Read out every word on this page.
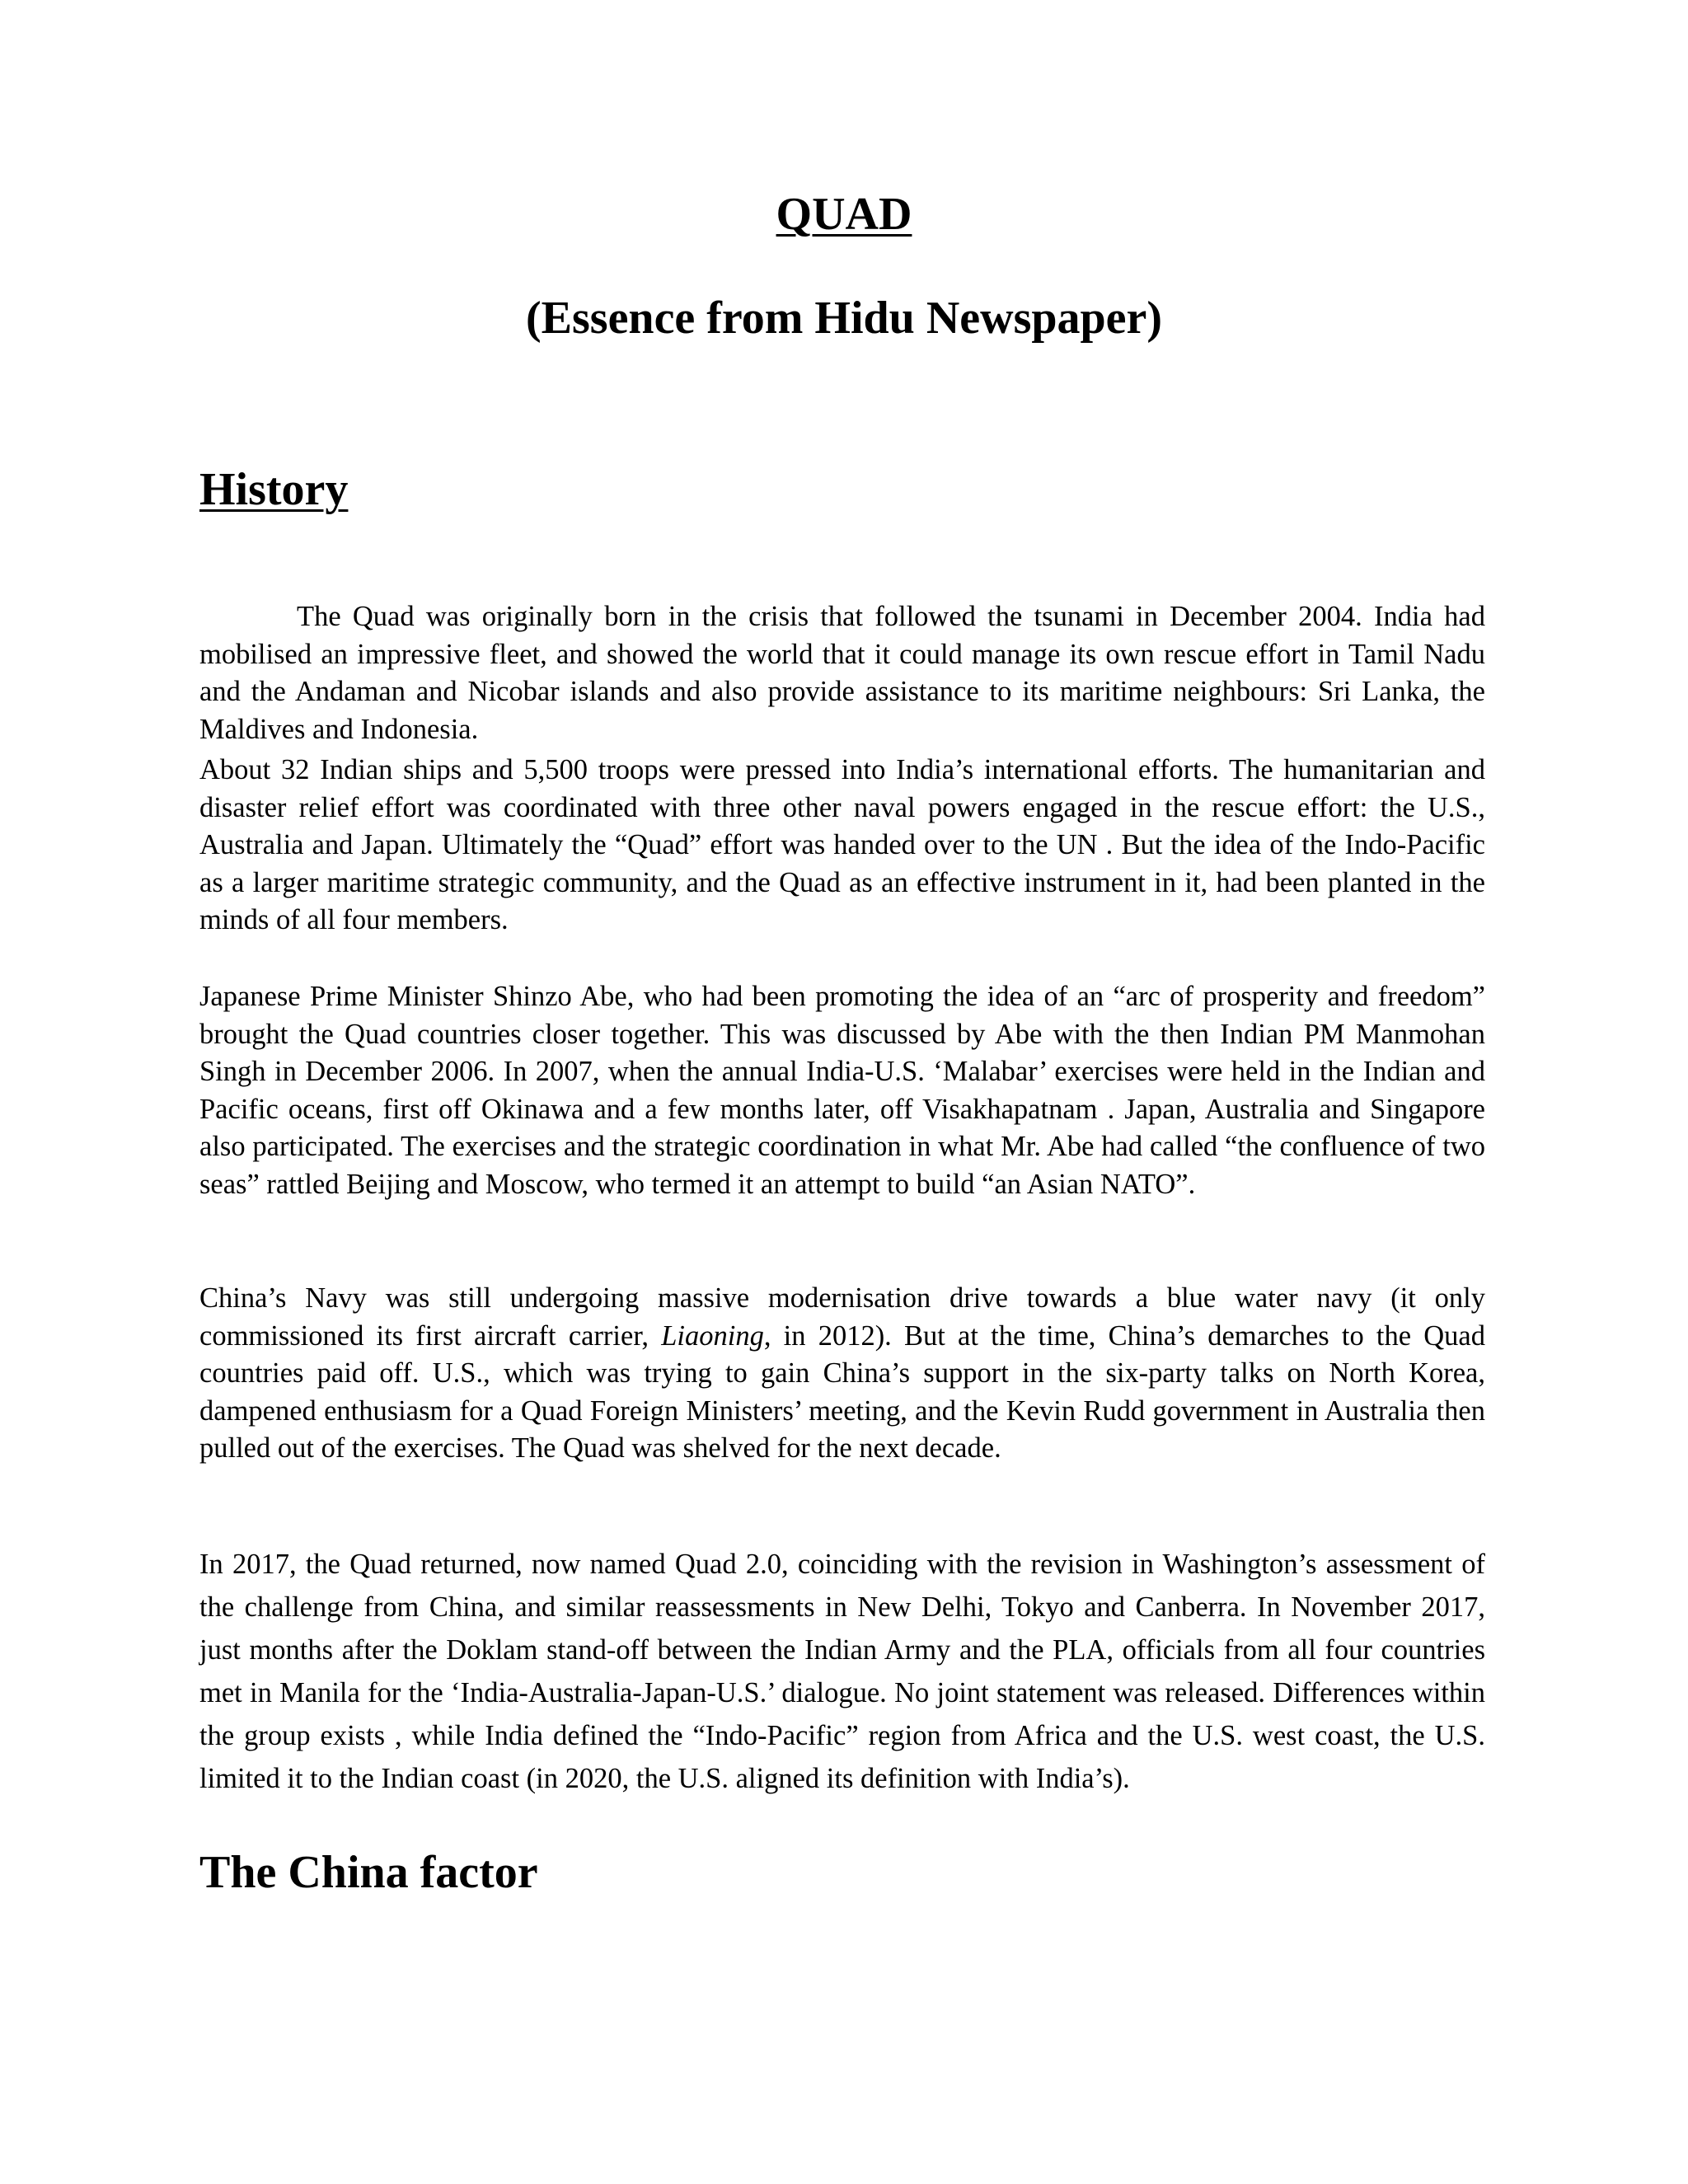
QUAD
(Essence from Hidu Newspaper)
History

The Quad was originally born in the crisis that followed the tsunami in December 2004. India had mobilised an impressive fleet, and showed the world that it could manage its own rescue effort in Tamil Nadu and the Andaman and Nicobar islands and also provide assistance to its maritime neighbours: Sri Lanka, the Maldives and Indonesia.

About 32 Indian ships and 5,500 troops were pressed into India’s international efforts. The humanitarian and disaster relief effort was coordinated with three other naval powers engaged in the rescue effort: the U.S., Australia and Japan. Ultimately the “Quad” effort was handed over to the UN . But the idea of the Indo-Pacific as a larger maritime strategic community, and the Quad as an effective instrument in it, had been planted in the minds of all four members.

Japanese Prime Minister Shinzo Abe, who had been promoting the idea of an “arc of prosperity and freedom” brought the Quad countries closer together. This was discussed by Abe with the then Indian PM Manmohan Singh in December 2006. In 2007, when the annual India-U.S. ‘Malabar’ exercises were held in the Indian and Pacific oceans, first off Okinawa and a few months later, off Visakhapatnam . Japan, Australia and Singapore also participated. The exercises and the strategic coordination in what Mr. Abe had called “the confluence of two seas” rattled Beijing and Moscow, who termed it an attempt to build “an Asian NATO”.

China’s Navy was still undergoing massive modernisation drive towards a blue water navy (it only commissioned its first aircraft carrier, Liaoning, in 2012). But at the time, China’s demarches to the Quad countries paid off. U.S., which was trying to gain China’s support in the six-party talks on North Korea, dampened enthusiasm for a Quad Foreign Ministers’ meeting, and the Kevin Rudd government in Australia then pulled out of the exercises. The Quad was shelved for the next decade.

In 2017, the Quad returned, now named Quad 2.0, coinciding with the revision in Washington’s assessment of the challenge from China, and similar reassessments in New Delhi, Tokyo and Canberra. In November 2017, just months after the Doklam stand-off between the Indian Army and the PLA, officials from all four countries met in Manila for the ‘India-Australia-Japan-U.S.’ dialogue. No joint statement was released. Differences within the group exists , while India defined the “Indo-Pacific” region from Africa and the U.S. west coast, the U.S. limited it to the Indian coast (in 2020, the U.S. aligned its definition with India’s).

The China factor
